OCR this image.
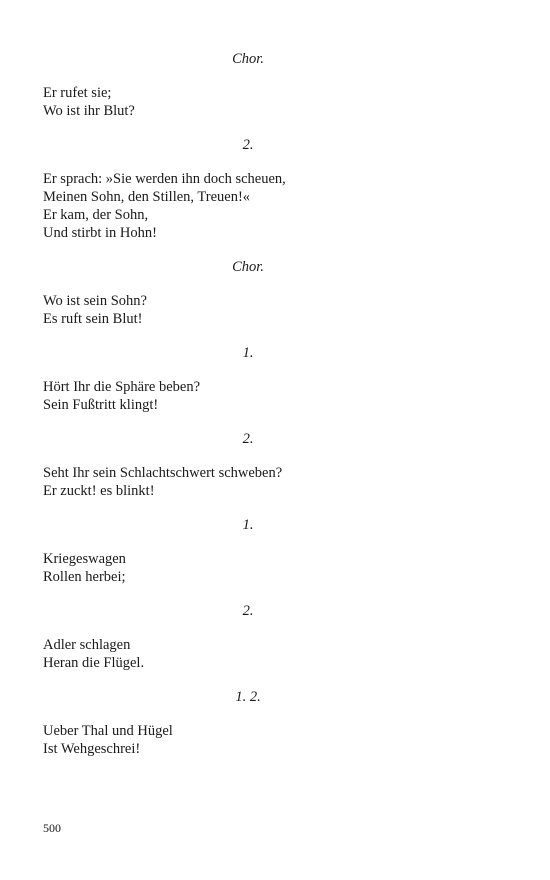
Chor.
Er rufet sie;
Wo ist ihr Blut?
2.
Er sprach: »Sie werden ihn doch scheuen,
Meinen Sohn, den Stillen, Treuen!«
Er kam, der Sohn,
Und stirbt in Hohn!
Chor.
Wo ist sein Sohn?
Es ruft sein Blut!
1.
Hört Ihr die Sphäre beben?
Sein Fußtritt klingt!
2.
Seht Ihr sein Schlachtschwert schweben?
Er zuckt! es blinkt!
1.
Kriegeswagen
Rollen herbei;
2.
Adler schlagen
Heran die Flügel.
1. 2.
Ueber Thal und Hügel
Ist Wehgeschrei!
500
